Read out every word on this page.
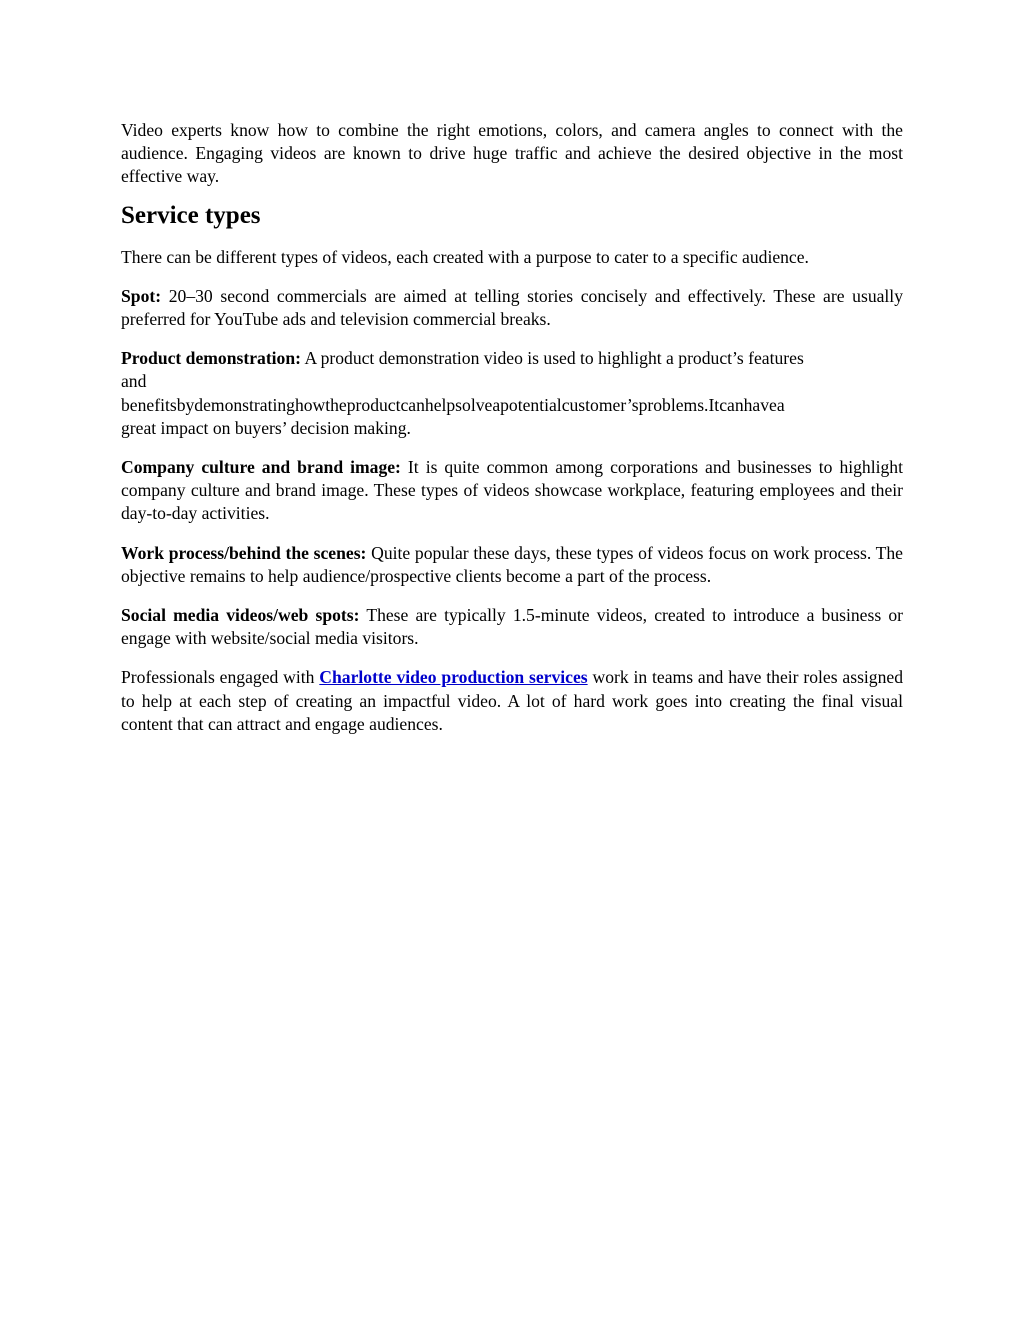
Video experts know how to combine the right emotions, colors, and camera angles to connect with the audience. Engaging videos are known to drive huge traffic and achieve the desired objective in the most effective way.

Service types

There can be different types of videos, each created with a purpose to cater to a specific audience.

Spot: 20–30 second commercials are aimed at telling stories concisely and effectively. These are usually preferred for YouTube ads and television commercial breaks.

Product demonstration: A product demonstration video is used to highlight a product’s features
and
benefitsbydemonstratinghowtheproductcanhelpsolveapotentialcustomer’sproblems.Itcanhavea
great impact on buyers’ decision making.

Company culture and brand image: It is quite common among corporations and businesses to highlight company culture and brand image. These types of videos showcase workplace, featuring employees and their day-to-day activities.

Work process/behind the scenes: Quite popular these days, these types of videos focus on work process. The objective remains to help audience/prospective clients become a part of the process.

Social media videos/web spots: These are typically 1.5-minute videos, created to introduce a business or engage with website/social media visitors.

Professionals engaged with Charlotte video production services work in teams and have their roles assigned to help at each step of creating an impactful video. A lot of hard work goes into creating the final visual content that can attract and engage audiences.
